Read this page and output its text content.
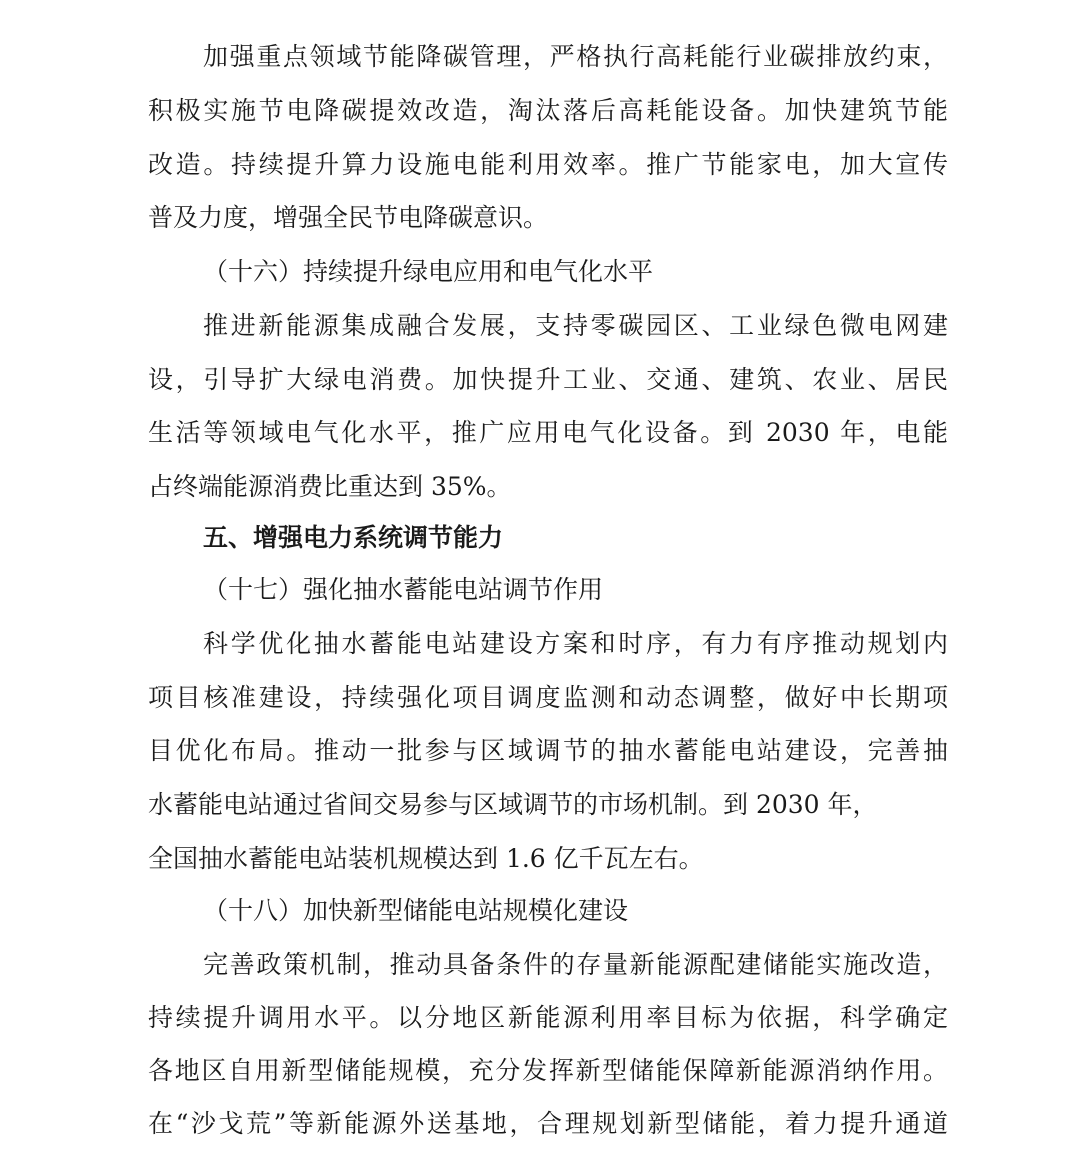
加强重点领域节能降碳管理，严格执行高耗能行业碳排放约束，
积极实施节电降碳提效改造，淘汰落后高耗能设备。加快建筑节能
改造。持续提升算力设施电能利用效率。推广节能家电，加大宣传
普及力度，增强全民节电降碳意识。
（十六）持续提升绿电应用和电气化水平
推进新能源集成融合发展，支持零碳园区、工业绿色微电网建
设，引导扩大绿电消费。加快提升工业、交通、建筑、农业、居民
生活等领域电气化水平，推广应用电气化设备。到 2030 年，电能
占终端能源消费比重达到 35%。
五、增强电力系统调节能力
（十七）强化抽水蓄能电站调节作用
科学优化抽水蓄能电站建设方案和时序，有力有序推动规划内
项目核准建设，持续强化项目调度监测和动态调整，做好中长期项
目优化布局。推动一批参与区域调节的抽水蓄能电站建设，完善抽
水蓄能电站通过省间交易参与区域调节的市场机制。到 2030 年，
全国抽水蓄能电站装机规模达到 1.6 亿千瓦左右。
（十八）加快新型储能电站规模化建设
完善政策机制，推动具备条件的存量新能源配建储能实施改造，
持续提升调用水平。以分地区新能源利用率目标为依据，科学确定
各地区自用新型储能规模，充分发挥新型储能保障新能源消纳作用。
在“沙戈荒”等新能源外送基地，合理规划新型储能，着力提升通道
